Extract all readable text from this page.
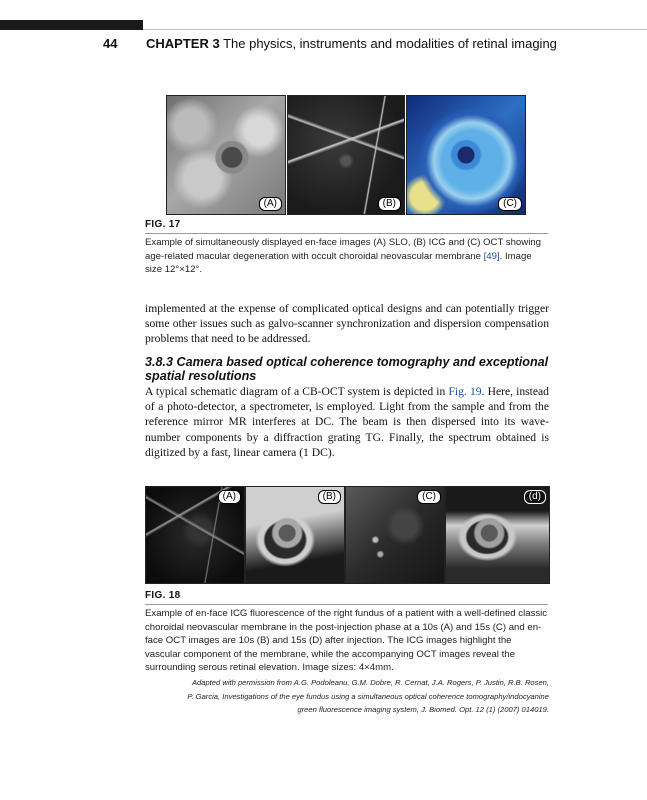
44 CHAPTER 3 The physics, instruments and modalities of retinal imaging
(A)	(B)	(C)
FIG. 17
Example of simultaneously displayed en-face images (A) SLO, (B) ICG and (C) OCT showing age-related macular degeneration with occult choroidal neovascular membrane [49]. Image size 12°×12°.
implemented at the expense of complicated optical designs and can potentially trigger some other issues such as galvo-scanner synchronization and dispersion compensation problems that need to be addressed.
3.8.3 Camera based optical coherence tomography and exceptional
spatial resolutions
A typical schematic diagram of a CB-OCT system is depicted in Fig. 19. Here, instead of a photo-detector, a spectrometer, is employed. Light from the sample and from the reference mirror MR interferes at DC. The beam is then dispersed into its wave-number components by a diffraction grating TG. Finally, the spectrum obtained is digitized by a fast, linear camera (1 DC).
(A)	(B)	(C)	(d)
FIG. 18
Example of en-face ICG fluorescence of the right fundus of a patient with a well-defined classic choroidal neovascular membrane in the post-injection phase at a 10s (A) and 15s (C) and en-face OCT images are 10s (B) and 15s (D) after injection. The ICG images highlight the vascular component of the membrane, while the accompanying OCT images reveal the surrounding serous retinal elevation. Image sizes: 4×4mm.
Adapted with permission from A.G. Podoleanu, G.M. Dobre, R. Cernat, J.A. Rogers, P. Justin, R.B. Rosen,
P. Garcia, Investigations of the eye fundus using a simultaneous optical coherence tomography/indocyanine
green fluorescence imaging system, J. Biomed. Opt. 12 (1) (2007) 014019.
